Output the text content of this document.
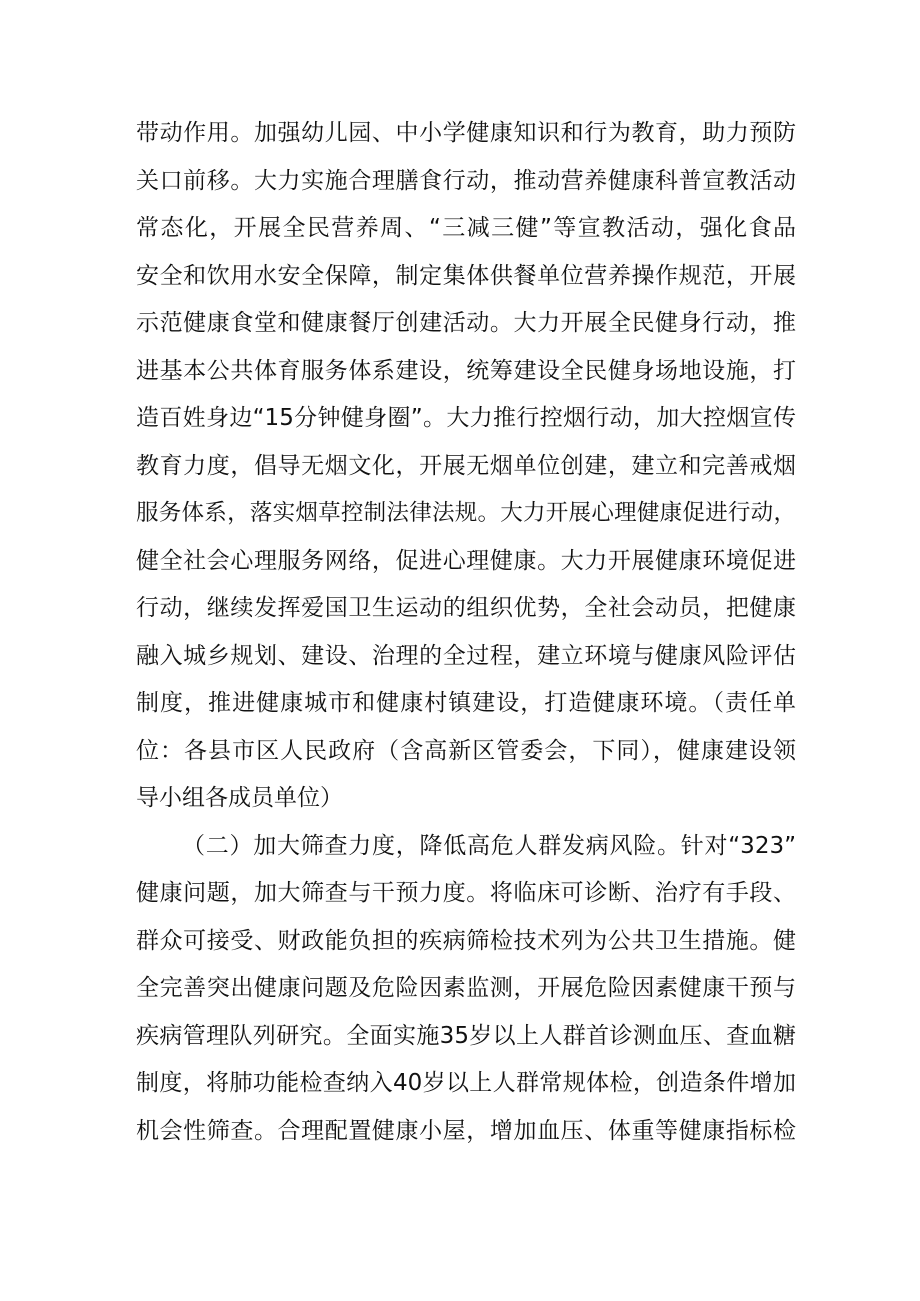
带动作用。加强幼儿园、中小学健康知识和行为教育，助力预防
关口前移。大力实施合理膳食行动，推动营养健康科普宣教活动
常态化，开展全民营养周、“三减三健”等宣教活动，强化食品
安全和饮用水安全保障，制定集体供餐单位营养操作规范，开展
示范健康食堂和健康餐厅创建活动。大力开展全民健身行动，推
进基本公共体育服务体系建设，统筹建设全民健身场地设施，打
造百姓身边“15分钟健身圈”。大力推行控烟行动，加大控烟宣传
教育力度，倡导无烟文化，开展无烟单位创建，建立和完善戒烟
服务体系，落实烟草控制法律法规。大力开展心理健康促进行动，
健全社会心理服务网络，促进心理健康。大力开展健康环境促进
行动，继续发挥爱国卫生运动的组织优势，全社会动员，把健康
融入城乡规划、建设、治理的全过程，建立环境与健康风险评估
制度，推进健康城市和健康村镇建设，打造健康环境。（责任单
位：各县市区人民政府（含高新区管委会，下同），健康建设领
导小组各成员单位）
（二）加大筛查力度，降低高危人群发病风险。针对“323”
健康问题，加大筛查与干预力度。将临床可诊断、治疗有手段、
群众可接受、财政能负担的疾病筛检技术列为公共卫生措施。健
全完善突出健康问题及危险因素监测，开展危险因素健康干预与
疾病管理队列研究。全面实施35岁以上人群首诊测血压、查血糖
制度，将肺功能检查纳入40岁以上人群常规体检，创造条件增加
机会性筛查。合理配置健康小屋，增加血压、体重等健康指标检
